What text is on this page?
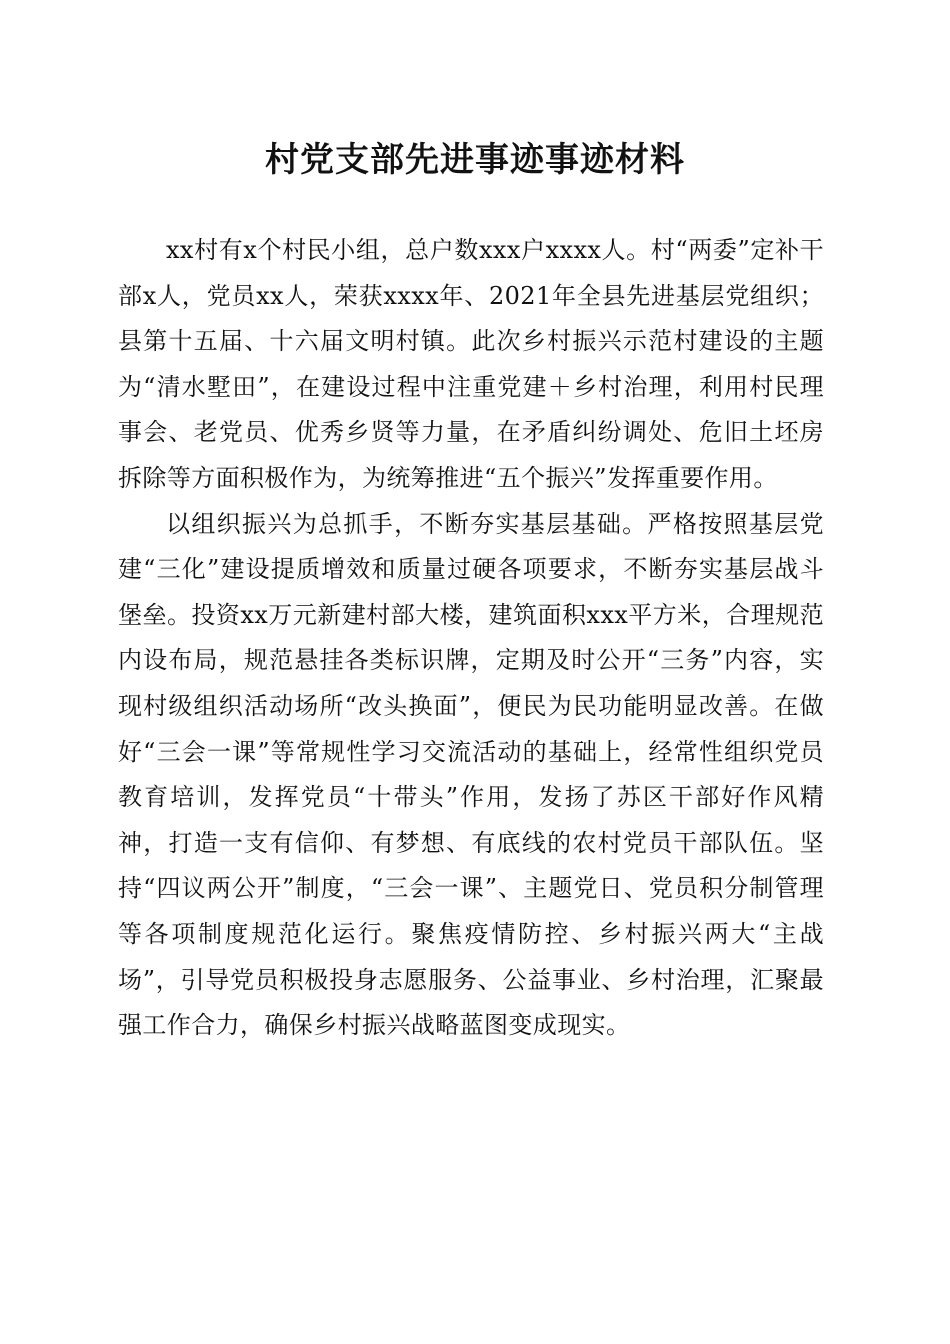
村党支部先进事迹事迹材料

xx村有x个村民小组，总户数xxx户xxxx人。村“两委”定补干部x人，党员xx人，荣获xxxx年、2021年全县先进基层党组织；县第十五届、十六届文明村镇。此次乡村振兴示范村建设的主题为“清水墅田”，在建设过程中注重党建＋乡村治理，利用村民理事会、老党员、优秀乡贤等力量，在矛盾纠纷调处、危旧土坯房拆除等方面积极作为，为统筹推进“五个振兴”发挥重要作用。

以组织振兴为总抓手，不断夯实基层基础。严格按照基层党建“三化”建设提质增效和质量过硬各项要求，不断夯实基层战斗堡垒。投资xx万元新建村部大楼，建筑面积xxx平方米，合理规范内设布局，规范悬挂各类标识牌，定期及时公开“三务”内容，实现村级组织活动场所“改头换面”，便民为民功能明显改善。在做好“三会一课”等常规性学习交流活动的基础上，经常性组织党员教育培训，发挥党员“十带头”作用，发扬了苏区干部好作风精神，打造一支有信仰、有梦想、有底线的农村党员干部队伍。坚持“四议两公开”制度，“三会一课”、主题党日、党员积分制管理等各项制度规范化运行。聚焦疫情防控、乡村振兴两大“主战场”，引导党员积极投身志愿服务、公益事业、乡村治理，汇聚最强工作合力，确保乡村振兴战略蓝图变成现实。
